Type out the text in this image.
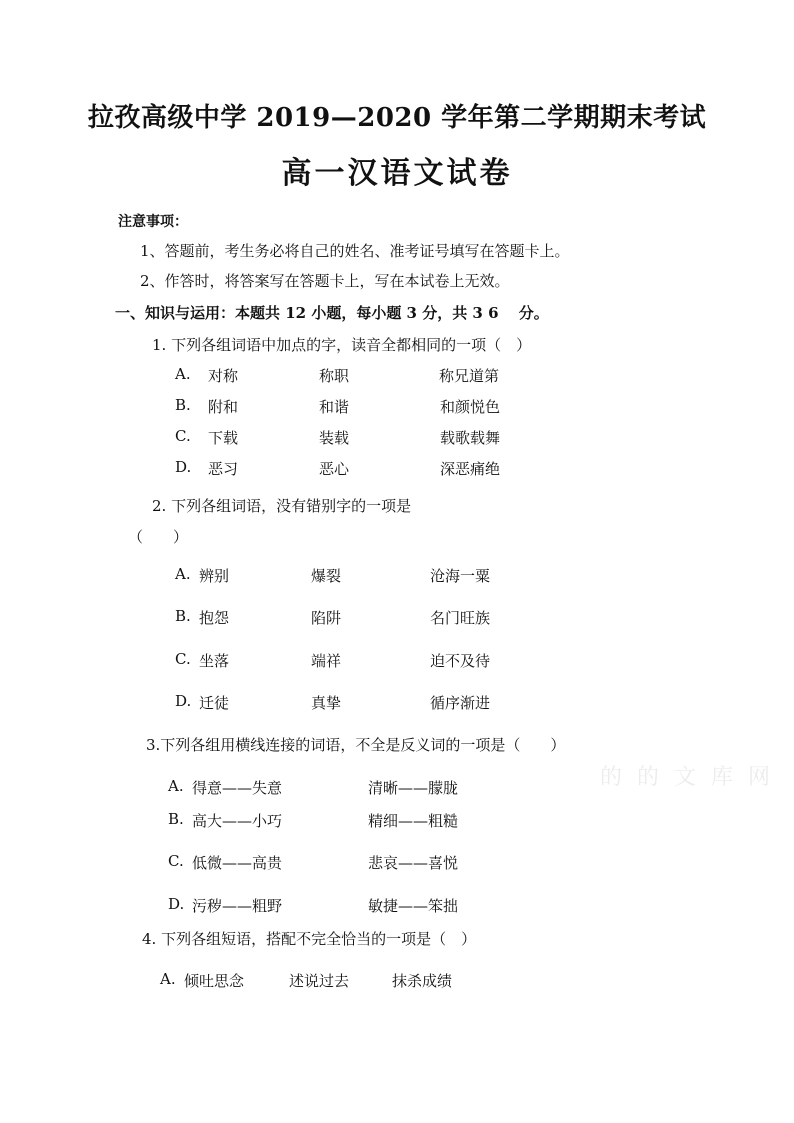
拉孜高级中学 2019—2020 学年第二学期期末考试
高一汉语文试卷
注意事项：
1、答题前，考生务必将自己的姓名、准考证号填写在答题卡上。
2、作答时，将答案写在答题卡上，写在本试卷上无效。
一、知识与运用：本题共 12 小题，每小题 3 分，共 3 6　 分。
1. 下列各组词语中加点的字，读音全都相同的一项（　）
A. 对称	称职	称兄道第
B. 附和	和谐	和颜悦色
C. 下载	装载	载歌载舞
D. 恶习	恶心	深恶痛绝
2. 下列各组词语，没有错别字的一项是
（　　）
A. 辨别	爆裂	沧海一粟
B. 抱怨	陷阱	名门旺族
C. 坐落	端祥	迫不及待
D. 迁徒	真挚	循序渐进
3.下列各组用横线连接的词语，不全是反义词的一项是（　　）
A. 得意——失意	清晰——朦胧
B. 高大——小巧	精细——粗糙
C. 低微——高贵	悲哀——喜悦
D. 污秽——粗野	敏捷——笨拙
4. 下列各组短语，搭配不完全恰当的一项是（　）
A. 倾吐思念	述说过去	抹杀成绩
的 的 文 库 网
